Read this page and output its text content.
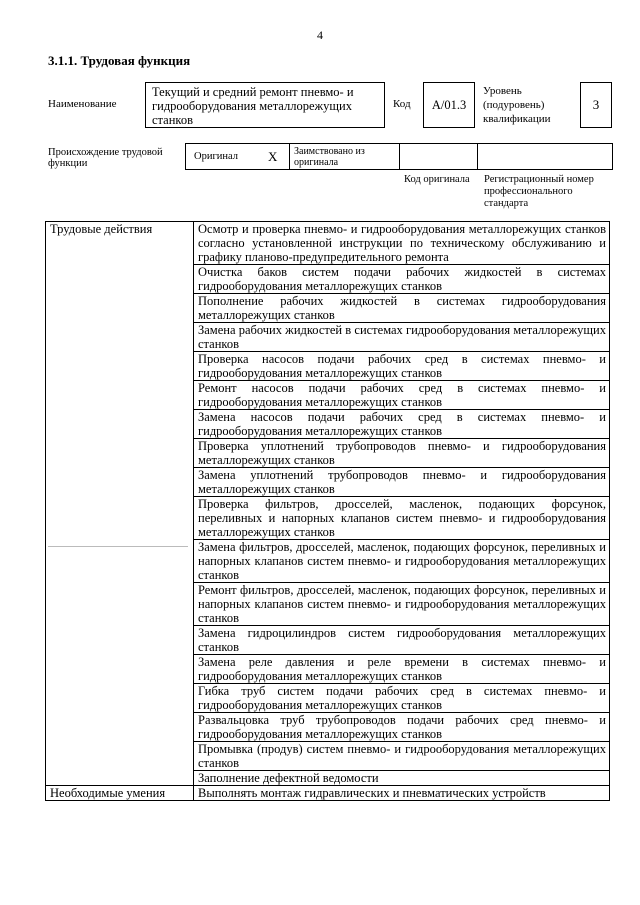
4
3.1.1. Трудовая функция
Наименование
Текущий и средний ремонт пневмо- и гидрооборудования металлорежущих станков
Код	А/01.3
Уровень (подуровень) квалификации
3
Происхождение трудовой функции
Оригинал Х Заимствовано из оригинала
Код оригинала	Регистрационный номер профессионального стандарта
Трудовые действия	Осмотр и проверка пневмо- и гидрооборудования металлорежущих станков согласно установленной инструкции по техническому обслуживанию и графику планово-предупредительного ремонта
	Очистка баков систем подачи рабочих жидкостей в системах гидрооборудования металлорежущих станков
	Пополнение рабочих жидкостей в системах гидрооборудования металлорежущих станков
	Замена рабочих жидкостей в системах гидрооборудования металлорежущих станков
	Проверка насосов подачи рабочих сред в системах пневмо- и гидрооборудования металлорежущих станков
	Ремонт насосов подачи рабочих сред в системах пневмо- и гидрооборудования металлорежущих станков
	Замена насосов подачи рабочих сред в системах пневмо- и гидрооборудования металлорежущих станков
	Проверка уплотнений трубопроводов пневмо- и гидрооборудования металлорежущих станков
	Замена уплотнений трубопроводов пневмо- и гидрооборудования металлорежущих станков
	Проверка фильтров, дросселей, масленок, подающих форсунок, переливных и напорных клапанов систем пневмо- и гидрооборудования металлорежущих станков
	Замена фильтров, дросселей, масленок, подающих форсунок, переливных и напорных клапанов систем пневмо- и гидрооборудования металлорежущих станков
	Ремонт фильтров, дросселей, масленок, подающих форсунок, переливных и напорных клапанов систем пневмо- и гидрооборудования металлорежущих станков
	Замена гидроцилиндров систем гидрооборудования металлорежущих станков
	Замена реле давления и реле времени в системах пневмо- и гидрооборудования металлорежущих станков
	Гибка труб систем подачи рабочих сред в системах пневмо- и гидрооборудования металлорежущих станков
	Развальцовка труб трубопроводов подачи рабочих сред пневмо- и гидрооборудования металлорежущих станков
	Промывка (продув) систем пневмо- и гидрооборудования металлорежущих станков
	Заполнение дефектной ведомости
Необходимые умения	Выполнять монтаж гидравлических и пневматических устройств
